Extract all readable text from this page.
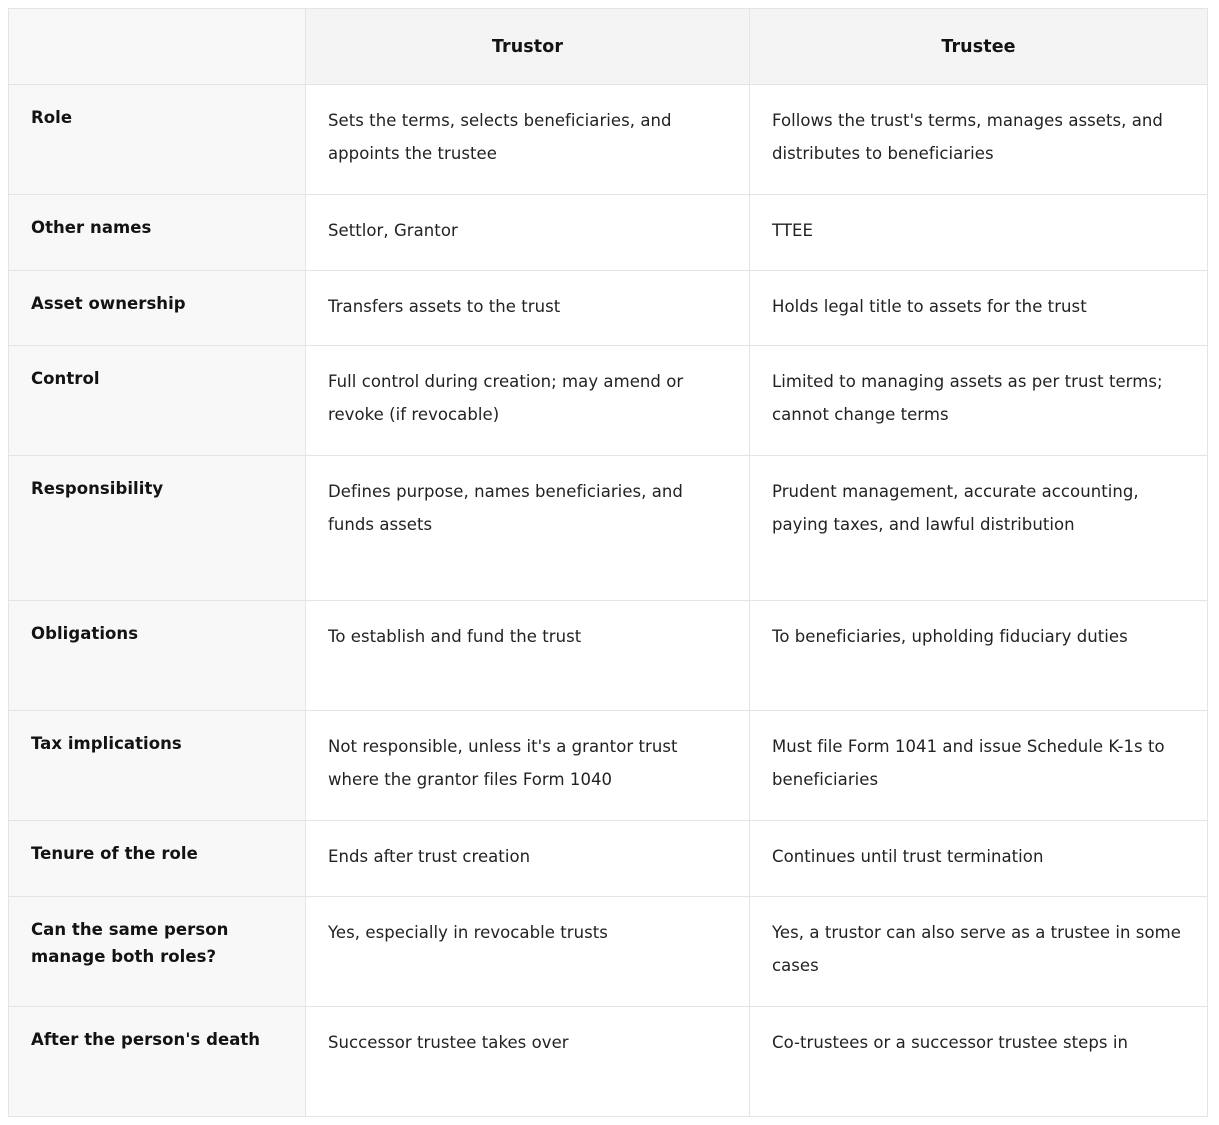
	Trustor	Trustee
Role	Sets the terms, selects beneficiaries, and appoints the trustee	Follows the trust's terms, manages assets, and distributes to beneficiaries
Other names	Settlor, Grantor	TTEE
Asset ownership	Transfers assets to the trust	Holds legal title to assets for the trust
Control	Full control during creation; may amend or revoke (if revocable)	Limited to managing assets as per trust terms; cannot change terms
Responsibility	Defines purpose, names beneficiaries, and funds assets	Prudent management, accurate accounting, paying taxes, and lawful distribution
Obligations	To establish and fund the trust	To beneficiaries, upholding fiduciary duties
Tax implications	Not responsible, unless it's a grantor trust where the grantor files Form 1040	Must file Form 1041 and issue Schedule K-1s to beneficiaries
Tenure of the role	Ends after trust creation	Continues until trust termination
Can the same person manage both roles?	Yes, especially in revocable trusts	Yes, a trustor can also serve as a trustee in some cases
After the person's death	Successor trustee takes over	Co-trustees or a successor trustee steps in
